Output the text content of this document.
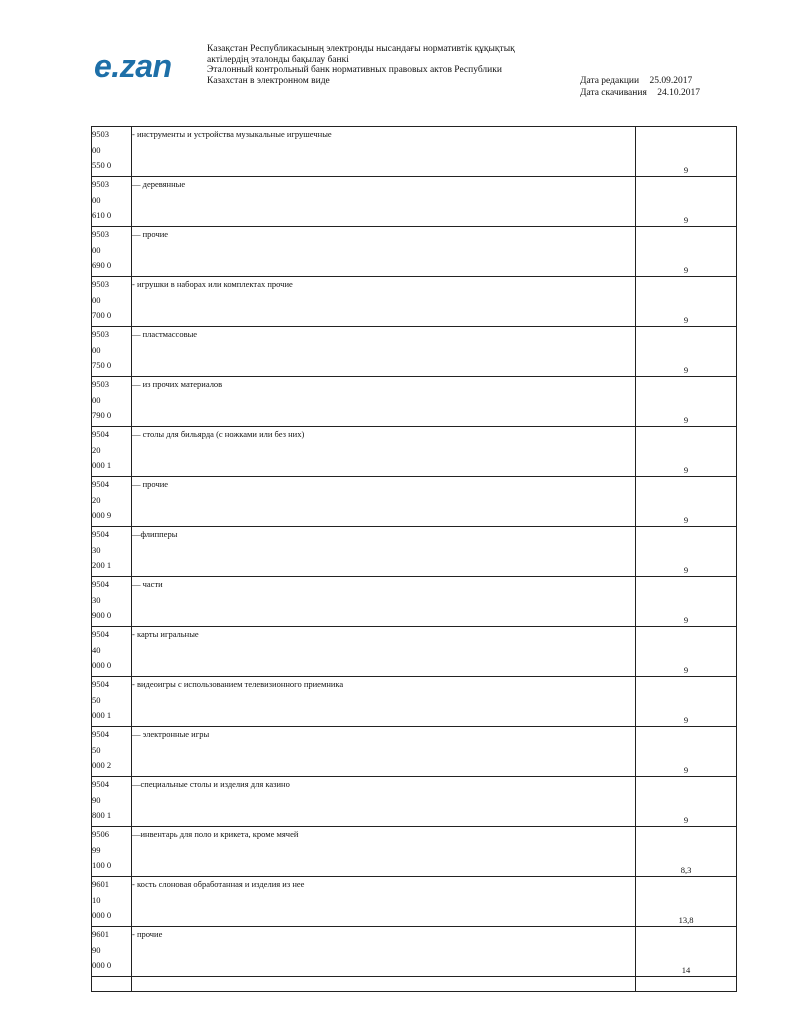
e.zan	Казақстан Республикасының электронды нысандағы нормативтік құқықтық
актілердің эталонды бақылау банкі
Эталонный контрольный банк нормативных правовых актов Республики
Казахстан в электронном виде	Дата редакции 25.09.2017
Дата скачивания 24.10.2017
9503
00
550 0	- инструменты и устройства музыкальные игрушечные	9

9503
00
610 0	— деревянные	9

9503
00
690 0	— прочие	9

9503
00
700 0	- игрушки в наборах или комплектах прочие	9

9503
00
750 0	— пластмассовые	9

9503
00
790 0	— из прочих материалов	9

9504
20
000 1	— столы для бильярда (с ножками или без них)	9

9504
20
000 9	— прочие	9

9504
30
200 1	—флипперы	9

9504
30
900 0	— части	9

9504
40
000 0	- карты игральные	9

9504
50
000 1	- видеоигры с использованием телевизионного приемника	9

9504
50
000 2	— электронные игры	9

9504
90
800 1	—специальные столы и изделия для казино	9

9506
99
100 0	—инвентарь для поло и крикета, кроме мячей	8,3

9601
10
000 0	- кость слоновая обработанная и изделия из нее	13,8

9601
90
000 0	- прочие	14
